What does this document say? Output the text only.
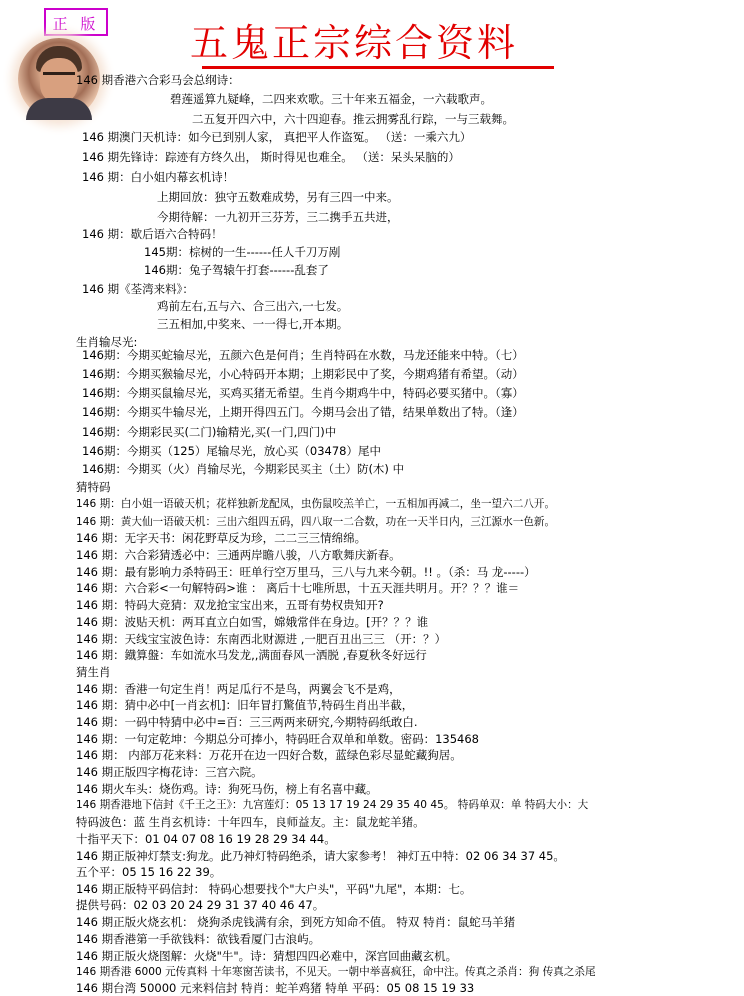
正 版 五鬼正宗综合资料
146 期香港六合彩马会总纲诗：
碧莲遥算九疑峰，二四来欢歌。三十年来五福金，一六载歌声。
二五复开四六中，六十四迎春。推云拥雾乱行踪，一与三载舞。
146 期澳门天机诗：如今已到别人家， 真把平人作盗冤。 （送：一乘六九）
146 期先锋诗：踪迹有方终久出， 斯时得见也难全。 （送：呆头呆脑的）
146 期：白小姐内幕玄机诗！
上期回放：独守五数难成势，另有三四一中来。
今期待解：一九初开三芬芳，三二携手五共进，
146 期：歇后语六合特码！
145期：棕树的一生------任人千刀万剐
146期：兔子驾辕午打套------乱套了
146 期《荃湾来料》：
鸡前左右,五与六、合三出六,一七发。
三五相加,中奖来、一一得七,开本期。
生肖输尽光:
146期：今期买蛇输尽光，五颜六色是何肖；生肖特码在水数，马龙还能来中特。（七）
146期：今期买猴输尽光，小心特码开本期；上期彩民中了奖，今期鸡猪有希望。（动）
146期：今期买鼠输尽光，买鸡买猪无希望。生肖今期鸡牛中，特码必要买猪中。（寡）
146期：今期买牛输尽光，上期开得四五门。今期马会出了错，结果单数出了特。（逢）
146期：今期彩民买(二门)输精光,买(一门,四门)中
146期：今期买（125）尾输尽光，放心买（03478）尾中
146期：今期买（火）肖输尽光，今期彩民买主（土）防(木) 中
猜特码
146 期：白小姐一语破天机；花样独新龙配凤，虫伤鼠咬羔羊亡，一五相加再减二，坐一望六二八开。
146 期：黄大仙一语破天机：三出六组四五码，四八取一二合数，功在一天半日内，三江源水一色新。
146 期：无字天书：闲花野草反为珍，二二三三情绵绵。
146 期：六合彩猜透必中：三通两岸瞻八骏，八方歌舞庆新春。
146 期：最有影响力杀特码王：旺单行空万里马，三八与九来今朝。!! 。（杀：马 龙-----）
146 期：六合彩<一句解特码>谁 ： 离后十七唯所思，十五天涯共明月。开？？？谁＝
146 期：特码大竞猜：双龙抢宝宝出来，五哥有势权贵知开?
146 期：波贴天机：两耳直立白如雪，嫦娥常伴在身边。[开？？？谁
146 期：天线宝宝波色诗：东南西北财源进 ,一肥百丑出三三 （开：？）
146 期：鐡算盤：车如流水马发龙,,满面春风一洒脱 ,春夏秋冬好远行
猜生肖
146 期：香港一句定生肖！两足瓜行不是鸟，两翼会飞不是鸡，
146 期：猜中必中[一肖玄机]：旧年冒打驚值节,特码生肖出半截，
146 期：一码中特猜中必中=百：三三两两来研究,今期特码纸敢白.
146 期：一句定乾坤：今期总分可捧小，特码旺合双单和单数。密码：135468
146 期： 内部万花来料：万花开在边一四好合数，蓝绿色彩尽显蛇藏狗居。
146 期正版四字梅花诗：三宫六院。
146 期火车头：烧伤鸡。诗：狗死马伤，榜上有名喜中藏。
146 期香港地下信封《千王之王》：九宫莲灯：05 13 17 19 24 29 35 40 45。 特码单双：单 特码大小：大
特码波色：蓝 生肖玄机诗：十年四车，良师益友。主：鼠龙蛇羊猪。
十指平天下：01 04 07 08 16 19 28 29 34 44。
146 期正版神灯禁支:狗龙。此乃神灯特码绝杀，请大家参考！ 神灯五中特：02 06 34 37 45。
五个平：05 15 16 22 39。
146 期正版特平码信封： 特码心想要找个"大户头"，平码"九尾"，本期：七。
提供号码：02 03 20 24 29 31 37 40 46 47。
146 期正版火烧玄机： 烧狗杀虎钱满有余，到死方知命不值。 特双 特肖：鼠蛇马羊猪
146 期香港第一手欲钱料：欲钱看厦门古浪屿。
146 期正版火烧图解：火烧"牛"。诗：猜想四四必难中，深宫回曲藏玄机。
146 期香港 6000 元传真料 十年寒窗苦读书，不见天。一朝中举喜疯狂，命中注。传真之杀肖：狗 传真之杀尾
146 期台湾 50000 元来料信封 特肖：蛇羊鸡猪 特单 平码：05 08 15 19 33
